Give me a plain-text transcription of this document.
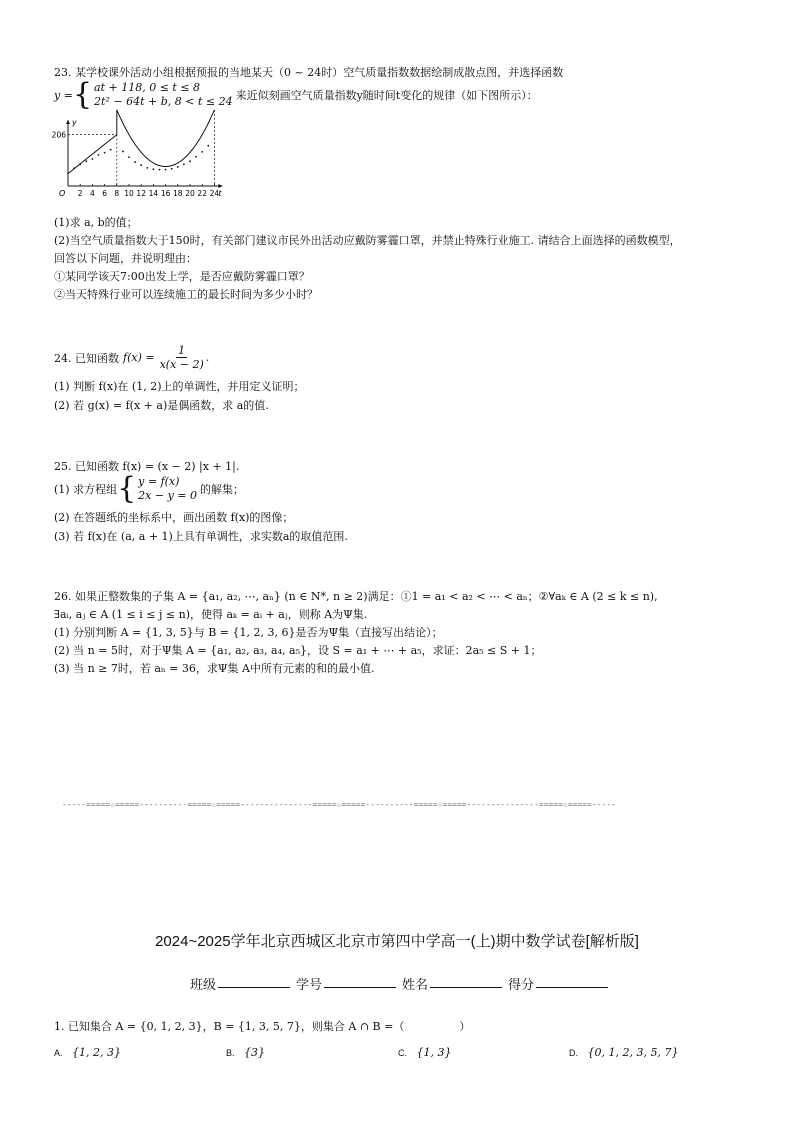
23. 某学校课外活动小组根据预报的当地某天（0 ~ 24时）空气质量指数数据绘制成散点图，并选择函数
y = { at + 118, 0 ≤ t ≤ 8
2t² − 64t + b, 8 < t ≤ 24 来近似刻画空气质量指数y随时间t变化的规律（如下图所示）：
y
t
O 2 4 6 8 10 12 14 16 18 20 22 24
206
(1)求 a, b的值；
(2)当空气质量指数大于150时，有关部门建议市民外出活动应戴防雾霾口罩，并禁止特殊行业施工. 请结合上面选择的函数模型，
回答以下问题，并说明理由：
①某同学该天7:00出发上学，是否应戴防雾霾口罩？
②当天特殊行业可以连续施工的最长时间为多少小时？
24. 已知函数 $f(x) = \frac{1}{x(x - 2)}$ .
(1) 判断 f(x)在 (1, 2)上的单调性，并用定义证明；
(2) 若 g(x) = f(x + a)是偶函数，求 a的值.
25. 已知函数 f(x) = (x − 2) |x + 1|.
(1) 求方程组 { y = f(x)
2x − y = 0 的解集；
(2) 在答题纸的坐标系中，画出函数 f(x)的图像；
(3) 若 f(x)在 (a, a + 1)上具有单调性，求实数a的取值范围.
26. 如果正整数集的子集 A = {a₁, a₂, ⋯, aₙ} (n ∈ N*, n ≥ 2)满足：①1 = a₁ < a₂ < ⋯ < aₙ；②∀aₖ ∈ A (2 ≤ k ≤ n),
∃aᵢ, aⱼ ∈ A (1 ≤ i ≤ j ≤ n)，使得 aₖ = aᵢ + aⱼ，则称 A为Ψ集.
(1) 分别判断 A = {1, 3, 5}与 B = {1, 2, 3, 6}是否为Ψ集（直接写出结论）；
(2) 当 n = 5时，对于Ψ集 A = {a₁, a₂, a₃, a₄, a₅}，设 S = a₁ + ⋯ + a₅，求证：2a₅ ≤ S + 1；
(3) 当 n ≥ 7时，若 aₙ = 36，求Ψ集 A中所有元素的和的最小值.
-----=====☆=====----------=====☆=====---------------=====☆=====----------=====☆=====---------------=====☆=====-----
2024~2025学年北京西城区北京市第四中学高一(上)期中数学试卷[解析版]
班级	学号	姓名	得分
1. 已知集合 A = {0, 1, 2, 3}，B = {1, 3, 5, 7}，则集合 A ∩ B =（　　　　　）
A. {1, 2, 3}	B. {3}	C. {1, 3}	D. {0, 1, 2, 3, 5, 7}
